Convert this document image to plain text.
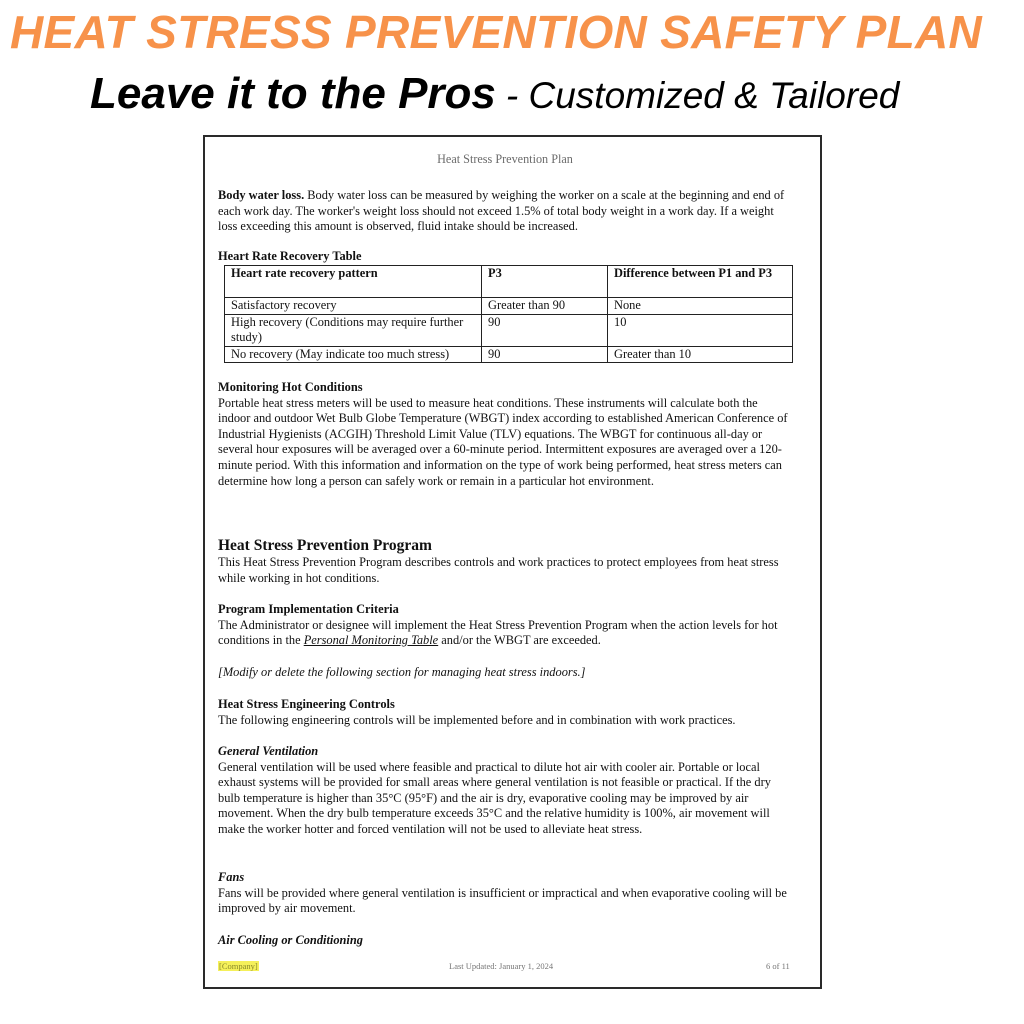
HEAT STRESS PREVENTION SAFETY PLAN
Leave it to the Pros - Customized & Tailored
Heat Stress Prevention Plan
Body water loss. Body water loss can be measured by weighing the worker on a scale at the beginning and end of each work day. The worker's weight loss should not exceed 1.5% of total body weight in a work day. If a weight loss exceeding this amount is observed, fluid intake should be increased.
Heart Rate Recovery Table
Heart rate recovery pattern	P3	Difference between P1 and P3
Satisfactory recovery	Greater than 90	None
High recovery (Conditions may require further study)	90	10
No recovery (May indicate too much stress)	90	Greater than 10
Monitoring Hot Conditions
Portable heat stress meters will be used to measure heat conditions. These instruments will calculate both the indoor and outdoor Wet Bulb Globe Temperature (WBGT) index according to established American Conference of Industrial Hygienists (ACGIH) Threshold Limit Value (TLV) equations. The WBGT for continuous all-day or several hour exposures will be averaged over a 60-minute period. Intermittent exposures are averaged over a 120-minute period. With this information and information on the type of work being performed, heat stress meters can determine how long a person can safely work or remain in a particular hot environment.
Heat Stress Prevention Program
This Heat Stress Prevention Program describes controls and work practices to protect employees from heat stress while working in hot conditions.
Program Implementation Criteria
The Administrator or designee will implement the Heat Stress Prevention Program when the action levels for hot conditions in the Personal Monitoring Table and/or the WBGT are exceeded.
[Modify or delete the following section for managing heat stress indoors.]
Heat Stress Engineering Controls
The following engineering controls will be implemented before and in combination with work practices.
General Ventilation
General ventilation will be used where feasible and practical to dilute hot air with cooler air. Portable or local exhaust systems will be provided for small areas where general ventilation is not feasible or practical. If the dry bulb temperature is higher than 35°C (95°F) and the air is dry, evaporative cooling may be improved by air movement. When the dry bulb temperature exceeds 35°C and the relative humidity is 100%, air movement will make the worker hotter and forced ventilation will not be used to alleviate heat stress.
Fans
Fans will be provided where general ventilation is insufficient or impractical and when evaporative cooling will be improved by air movement.
Air Cooling or Conditioning
[Company]	Last Updated: January 1, 2024	6 of 11
